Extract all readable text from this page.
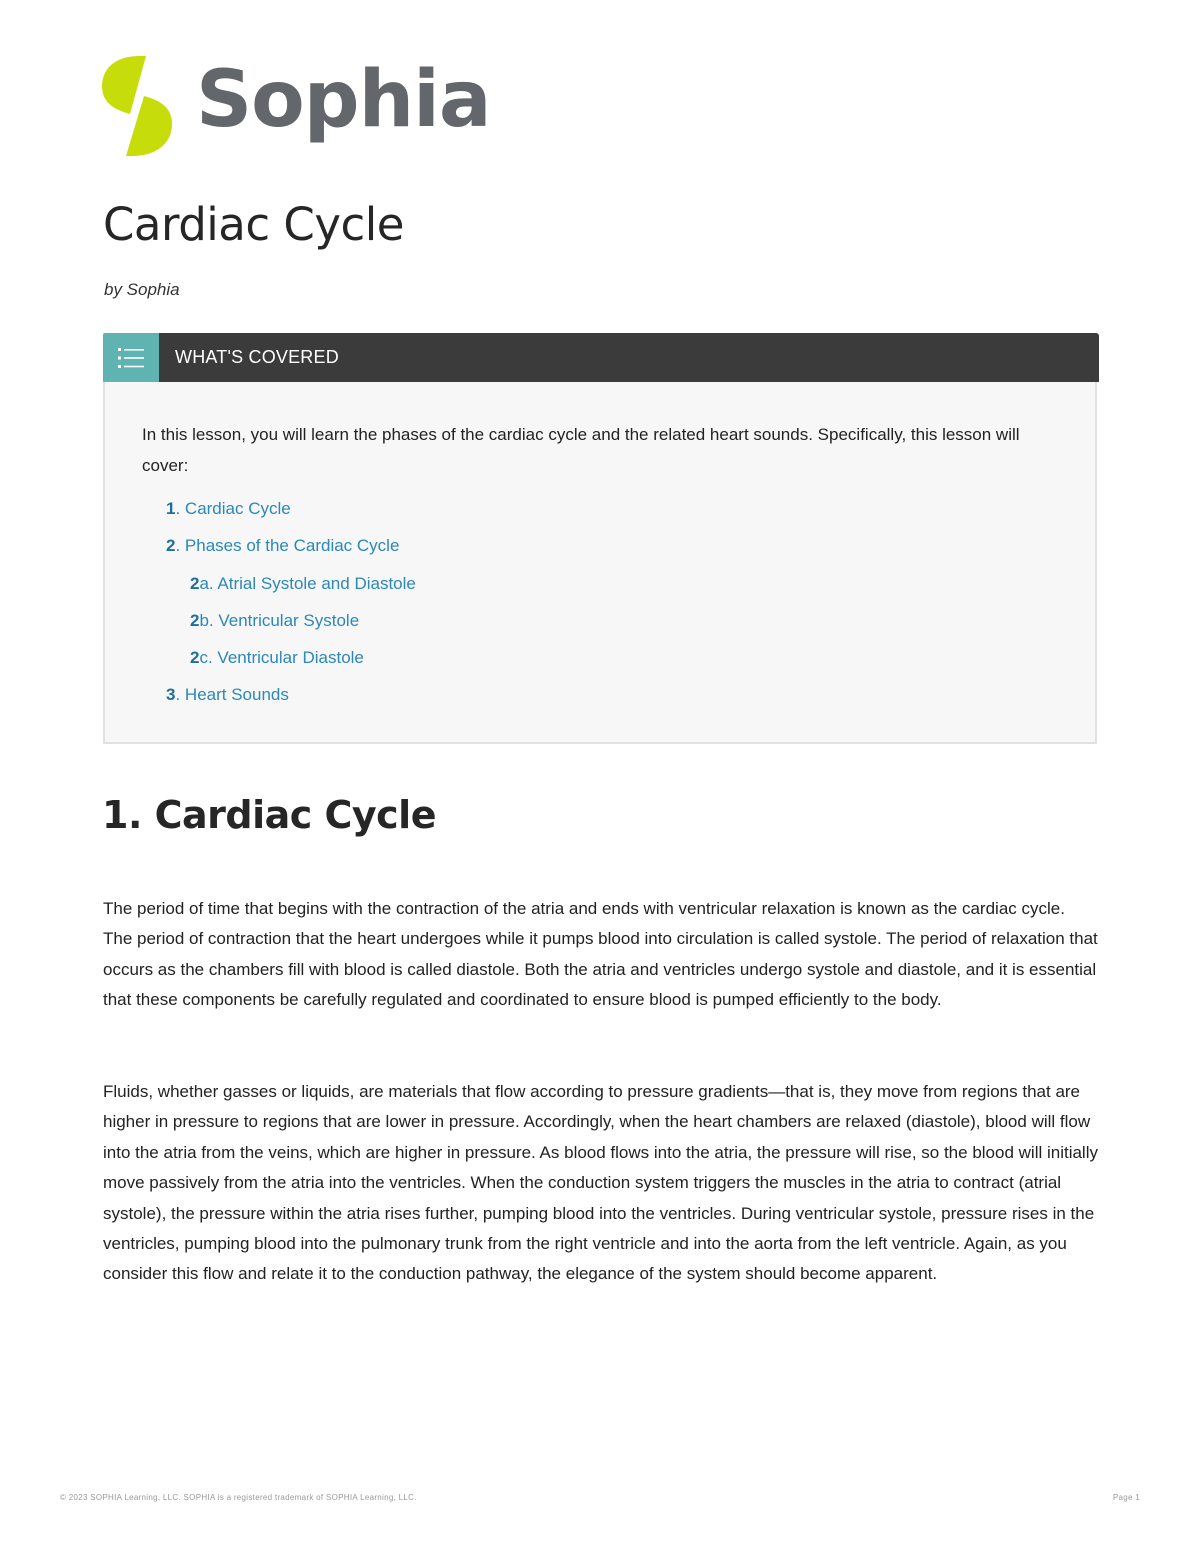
Sophia
Cardiac Cycle
by Sophia
WHAT'S COVERED

In this lesson, you will learn the phases of the cardiac cycle and the related heart sounds. Specifically, this lesson will cover:

1. Cardiac Cycle
2. Phases of the Cardiac Cycle
2a. Atrial Systole and Diastole
2b. Ventricular Systole
2c. Ventricular Diastole
3. Heart Sounds
1. Cardiac Cycle

The period of time that begins with the contraction of the atria and ends with ventricular relaxation is known as the cardiac cycle. The period of contraction that the heart undergoes while it pumps blood into circulation is called systole. The period of relaxation that occurs as the chambers fill with blood is called diastole. Both the atria and ventricles undergo systole and diastole, and it is essential that these components be carefully regulated and coordinated to ensure blood is pumped efficiently to the body.

Fluids, whether gasses or liquids, are materials that flow according to pressure gradients—that is, they move from regions that are higher in pressure to regions that are lower in pressure. Accordingly, when the heart chambers are relaxed (diastole), blood will flow into the atria from the veins, which are higher in pressure. As blood flows into the atria, the pressure will rise, so the blood will initially move passively from the atria into the ventricles. When the conduction system triggers the muscles in the atria to contract (atrial systole), the pressure within the atria rises further, pumping blood into the ventricles. During ventricular systole, pressure rises in the ventricles, pumping blood into the pulmonary trunk from the right ventricle and into the aorta from the left ventricle. Again, as you consider this flow and relate it to the conduction pathway, the elegance of the system should become apparent.

© 2023 SOPHIA Learning, LLC. SOPHIA is a registered trademark of SOPHIA Learning, LLC.	Page 1
